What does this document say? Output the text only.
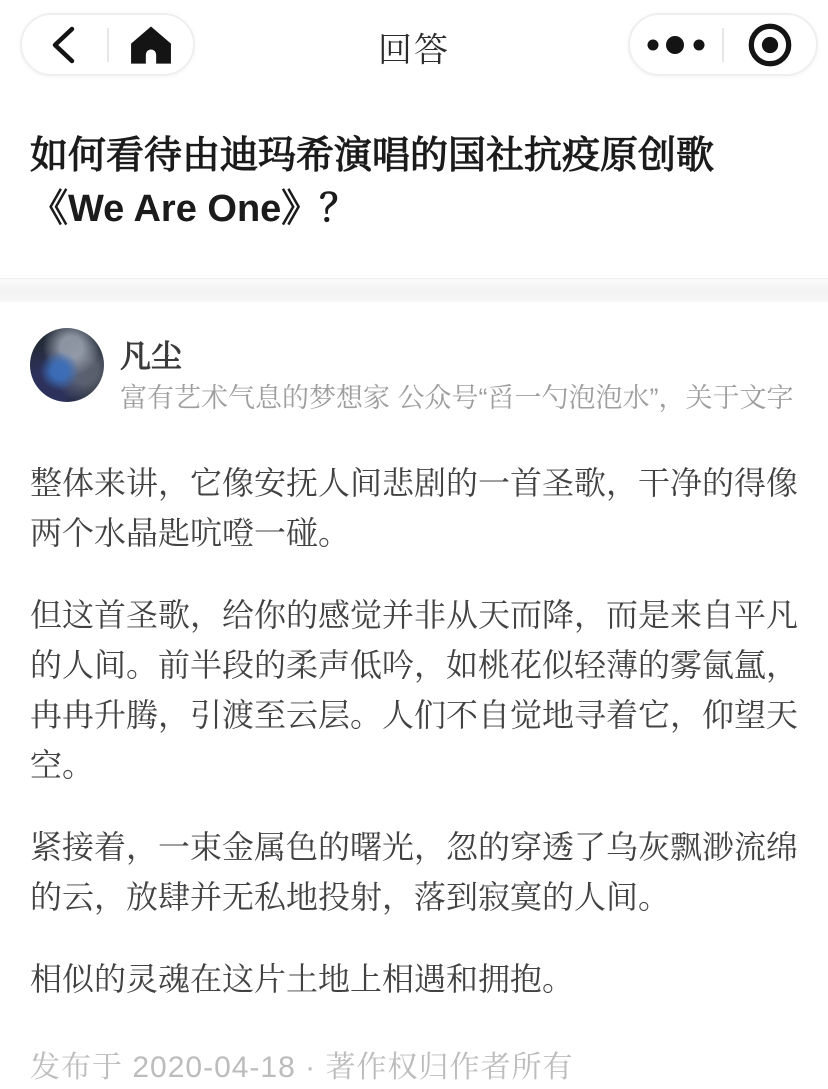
回答
如何看待由迪玛希演唱的国社抗疫原创歌《We Are One》？
凡尘
富有艺术气息的梦想家 公众号“舀一勺泡泡水”，关于文字

整体来讲，它像安抚人间悲剧的一首圣歌，干净的得像两个水晶匙吭噔一碰。

但这首圣歌，给你的感觉并非从天而降，而是来自平凡的人间。前半段的柔声低吟，如桃花似轻薄的雾氤氲，冉冉升腾，引渡至云层。人们不自觉地寻着它，仰望天空。

紧接着，一束金属色的曙光，忽的穿透了乌灰飘渺流绵的云，放肆并无私地投射，落到寂寞的人间。

相似的灵魂在这片土地上相遇和拥抱。

发布于 2020-04-18 · 著作权归作者所有
